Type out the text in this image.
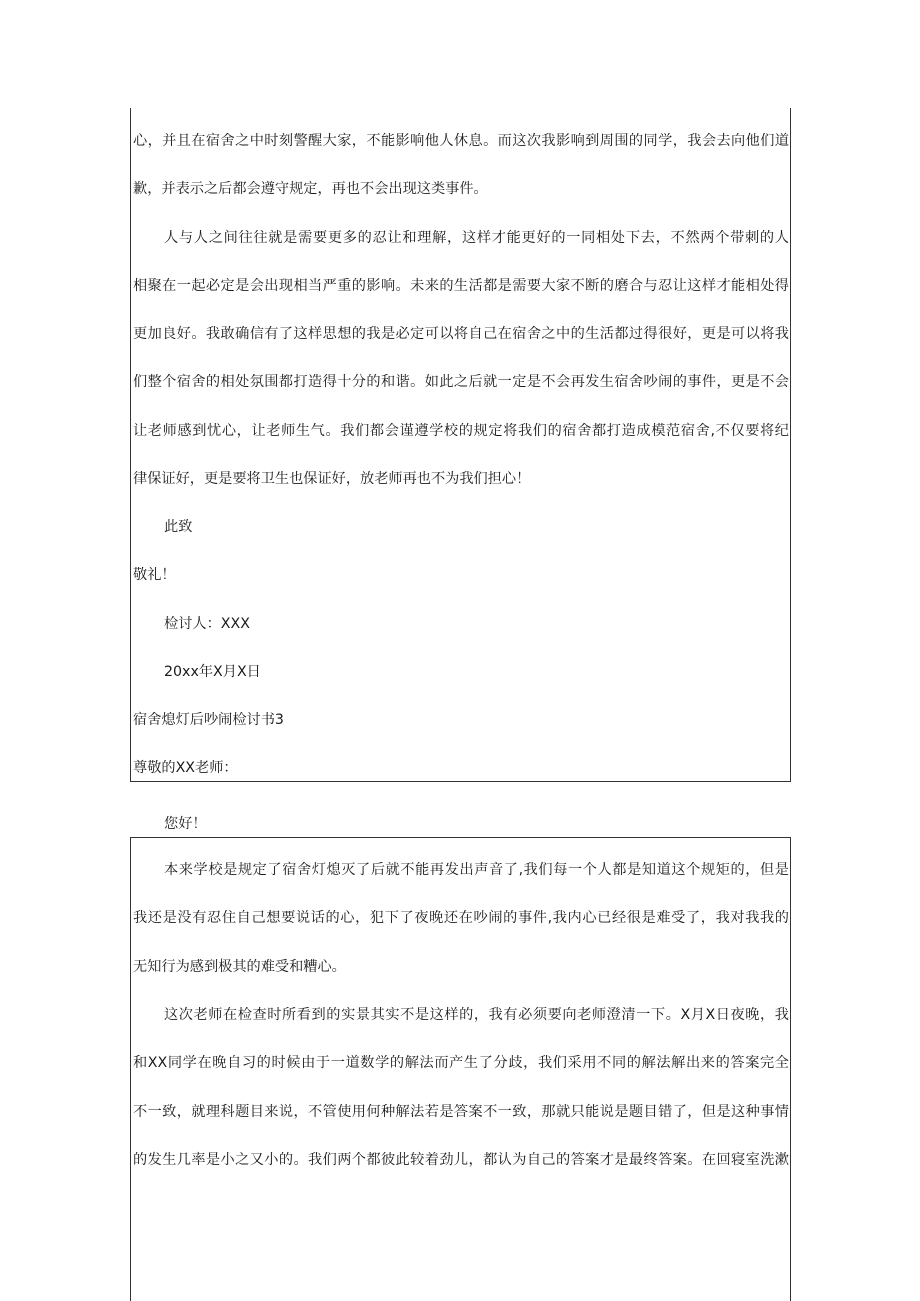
心，并且在宿舍之中时刻警醒大家，不能影响他人休息。而这次我影响到周围的同学，我会去向他们道
歉，并表示之后都会遵守规定，再也不会出现这类事件。
人与人之间往往就是需要更多的忍让和理解，这样才能更好的一同相处下去，不然两个带刺的人
相聚在一起必定是会出现相当严重的影响。未来的生活都是需要大家不断的磨合与忍让这样才能相处得
更加良好。我敢确信有了这样思想的我是必定可以将自己在宿舍之中的生活都过得很好，更是可以将我
们整个宿舍的相处氛围都打造得十分的和谐。如此之后就一定是不会再发生宿舍吵闹的事件，更是不会
让老师感到忧心，让老师生气。我们都会谨遵学校的规定将我们的宿舍都打造成模范宿舍,不仅要将纪
律保证好，更是要将卫生也保证好，放老师再也不为我们担心！
此致
敬礼！
检讨人：XXX
20xx年X月X日
宿舍熄灯后吵闹检讨书3
尊敬的XX老师：
您好！
本来学校是规定了宿舍灯熄灭了后就不能再发出声音了,我们每一个人都是知道这个规矩的，但是
我还是没有忍住自己想要说话的心，犯下了夜晚还在吵闹的事件,我内心已经很是难受了，我对我我的
无知行为感到极其的难受和糟心。
这次老师在检查时所看到的实景其实不是这样的，我有必须要向老师澄清一下。X月X日夜晚，我
和XX同学在晚自习的时候由于一道数学的解法而产生了分歧，我们采用不同的解法解出来的答案完全
不一致，就理科题目来说，不管使用何种解法若是答案不一致，那就只能说是题目错了，但是这种事情
的发生几率是小之又小的。我们两个都彼此较着劲儿，都认为自己的答案才是最终答案。在回寝室洗漱
